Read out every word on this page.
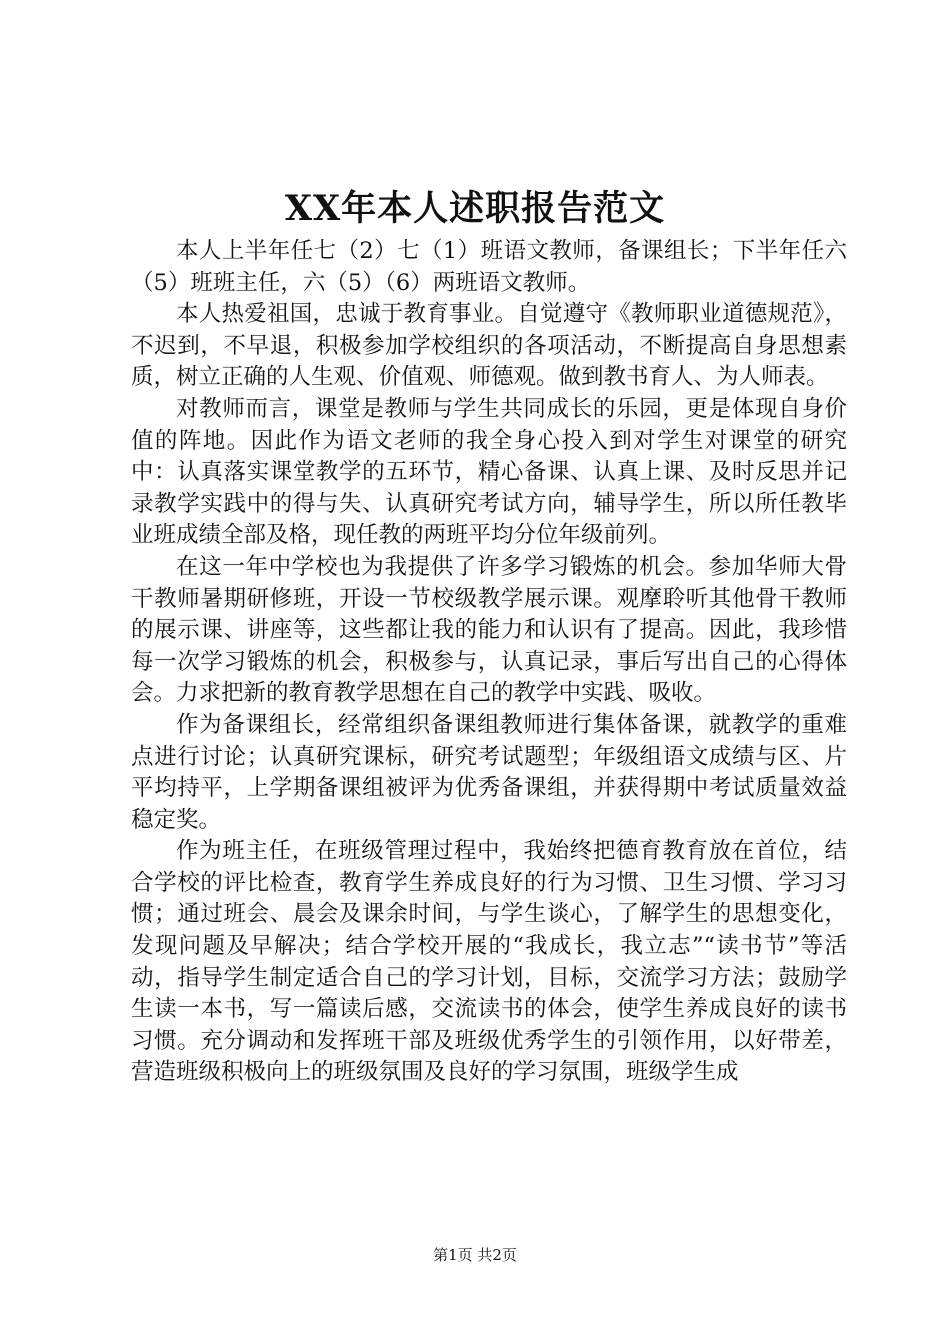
XX年本人述职报告范文

本人上半年任七（2）七（1）班语文教师，备课组长；下半年任六（5）班班主任，六（5）（6）两班语文教师。

本人热爱祖国，忠诚于教育事业。自觉遵守《教师职业道德规范》，不迟到，不早退，积极参加学校组织的各项活动，不断提高自身思想素质，树立正确的人生观、价值观、师德观。做到教书育人、为人师表。

对教师而言，课堂是教师与学生共同成长的乐园，更是体现自身价值的阵地。因此作为语文老师的我全身心投入到对学生对课堂的研究中：认真落实课堂教学的五环节，精心备课、认真上课、及时反思并记录教学实践中的得与失、认真研究考试方向，辅导学生，所以所任教毕业班成绩全部及格，现任教的两班平均分位年级前列。

在这一年中学校也为我提供了许多学习锻炼的机会。参加华师大骨干教师暑期研修班，开设一节校级教学展示课。观摩聆听其他骨干教师的展示课、讲座等，这些都让我的能力和认识有了提高。因此，我珍惜每一次学习锻炼的机会，积极参与，认真记录，事后写出自己的心得体会。力求把新的教育教学思想在自己的教学中实践、吸收。

作为备课组长，经常组织备课组教师进行集体备课，就教学的重难点进行讨论；认真研究课标，研究考试题型；年级组语文成绩与区、片平均持平，上学期备课组被评为优秀备课组，并获得期中考试质量效益稳定奖。

作为班主任，在班级管理过程中，我始终把德育教育放在首位，结合学校的评比检查，教育学生养成良好的行为习惯、卫生习惯、学习习惯；通过班会、晨会及课余时间，与学生谈心，了解学生的思想变化，发现问题及早解决；结合学校开展的“我成长，我立志”“读书节”等活动，指导学生制定适合自己的学习计划，目标，交流学习方法；鼓励学生读一本书，写一篇读后感，交流读书的体会，使学生养成良好的读书习惯。充分调动和发挥班干部及班级优秀学生的引领作用，以好带差，营造班级积极向上的班级氛围及良好的学习氛围，班级学生成

第1页 共2页
